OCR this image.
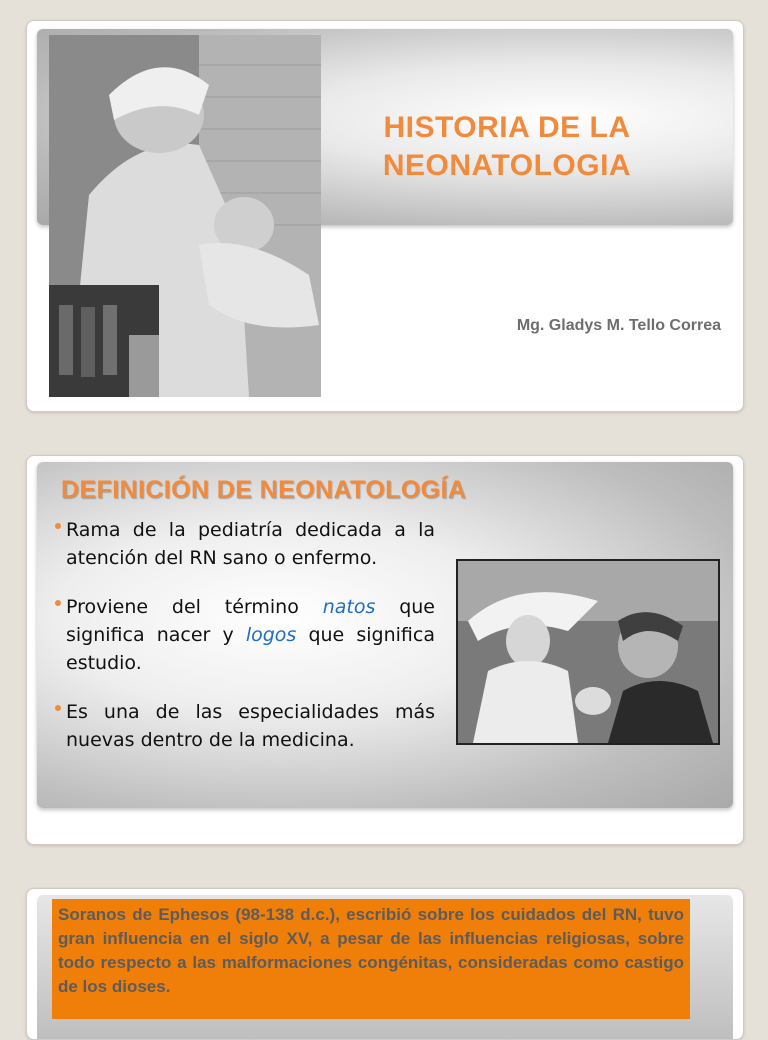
HISTORIA DE LA
NEONATOLOGIA
Mg. Gladys M. Tello Correa
DEFINICIÓN DE NEONATOLOGÍA
Rama de la pediatría dedicada a la atención del RN sano o enfermo.
Proviene del término natos que significa nacer y logos que significa estudio.
Es una de las especialidades más nuevas dentro de la medicina.
Soranos de Ephesos (98-138 d.c.), escribió sobre los cuidados del RN, tuvo gran influencia en el siglo XV, a pesar de las influencias religiosas, sobre todo respecto a las malformaciones congénitas, consideradas como castigo de los dioses.
